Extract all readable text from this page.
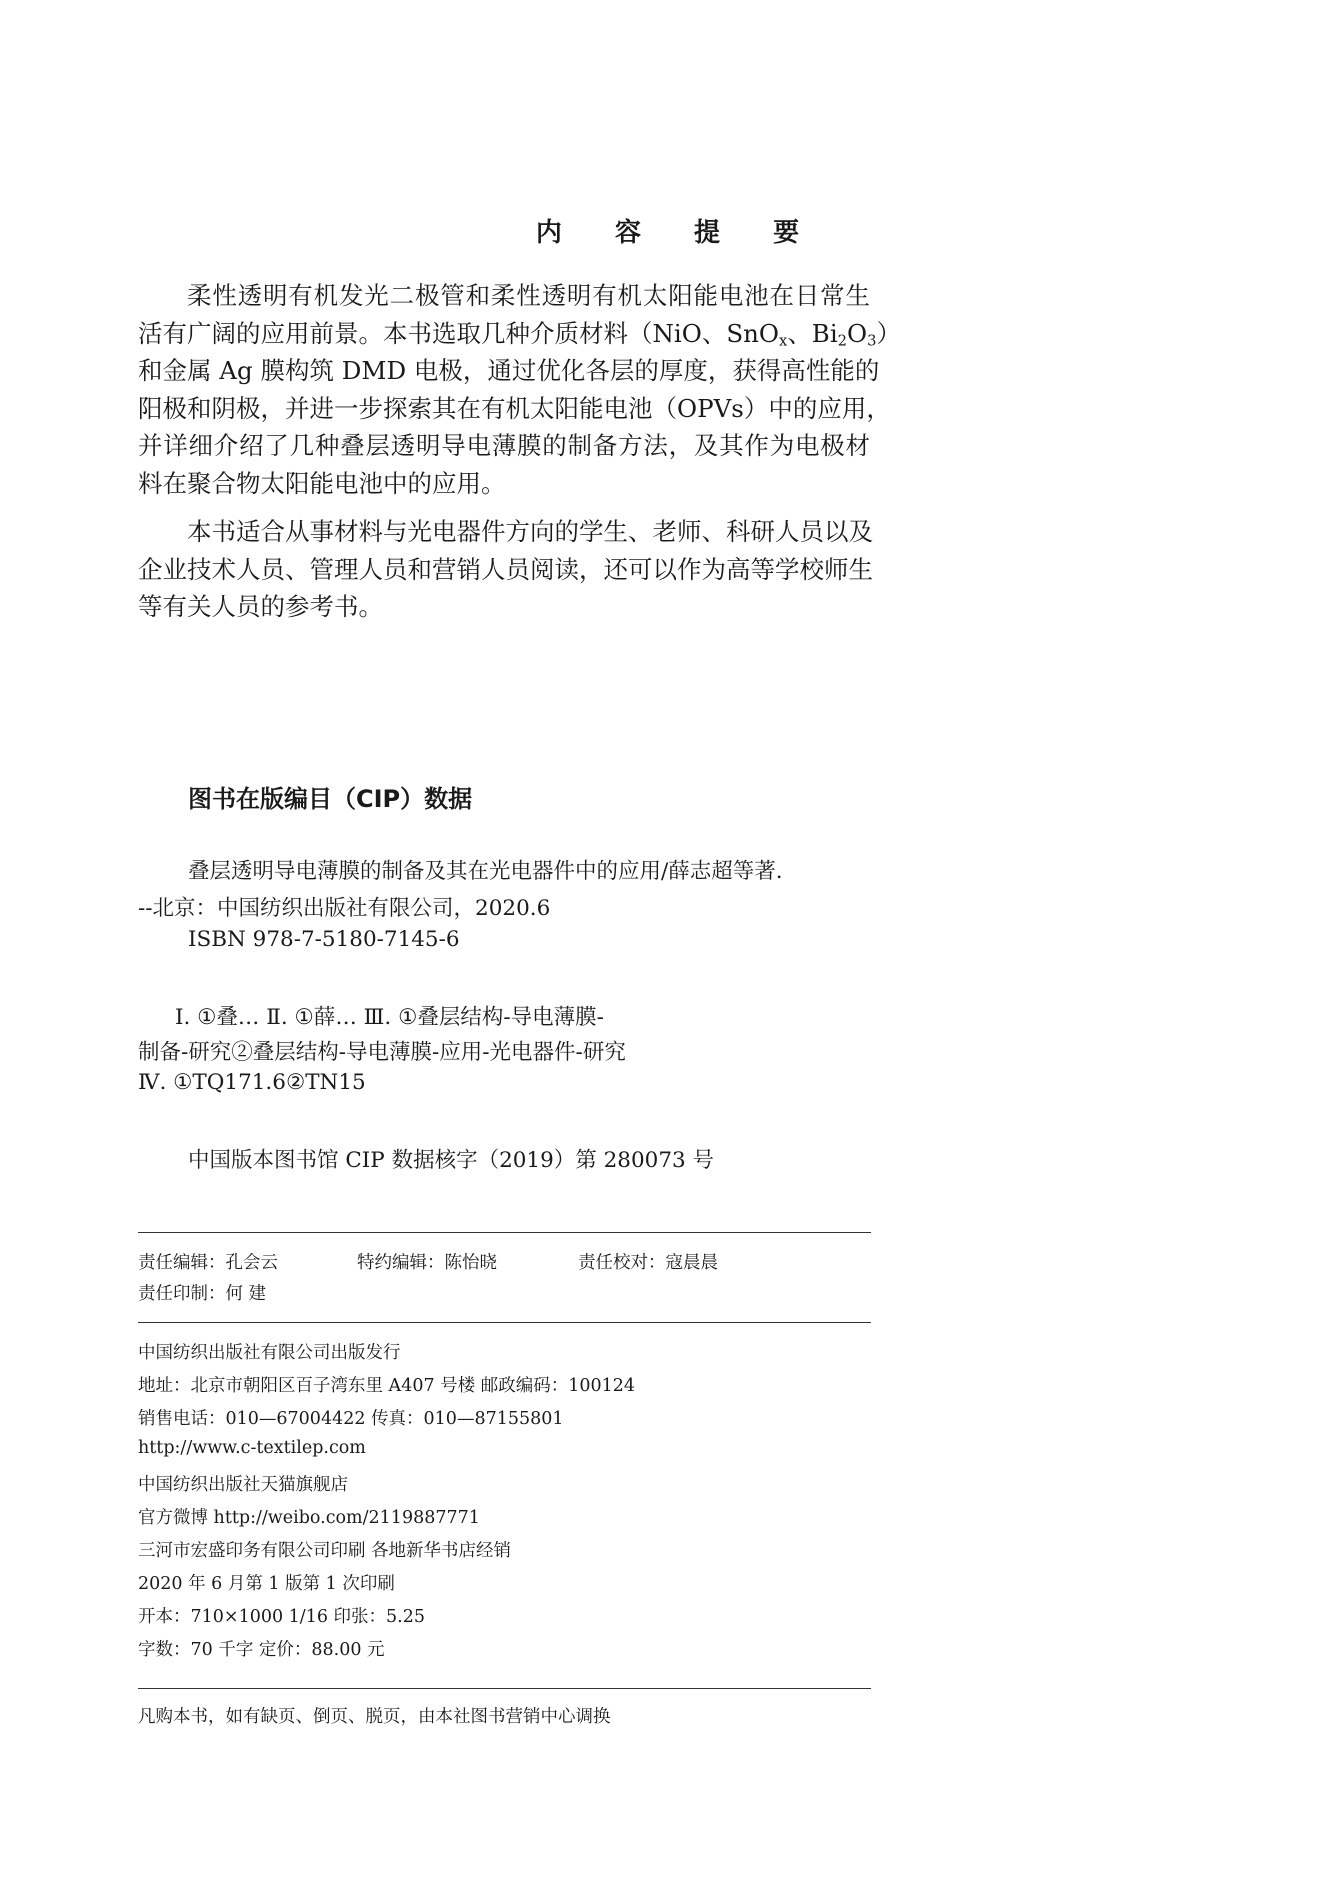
内 容 提 要
柔性透明有机发光二极管和柔性透明有机太阳能电池在日常生
活有广阔的应用前景。本书选取几种介质材料（NiO、SnO$_x$、$Bi_2O_3$）
和金属 Ag 膜构筑 DMD 电极，通过优化各层的厚度，获得高性能的
阳极和阴极，并进一步探索其在有机太阳能电池（OPVs）中的应用，
并详细介绍了几种叠层透明导电薄膜的制备方法，及其作为电极材
料在聚合物太阳能电池中的应用。
本书适合从事材料与光电器件方向的学生、老师、科研人员以及
企业技术人员、管理人员和营销人员阅读，还可以作为高等学校师生
等有关人员的参考书。
图书在版编目（CIP）数据
叠层透明导电薄膜的制备及其在光电器件中的应用/薛志超等著.
--北京：中国纺织出版社有限公司，2020.6
ISBN 978-7-5180-7145-6
Ⅰ. ①叠… Ⅱ. ①薛… Ⅲ. ①叠层结构-导电薄膜-
制备-研究②叠层结构-导电薄膜-应用-光电器件-研究
Ⅳ. ①TQ171.6②TN15
中国版本图书馆 CIP 数据核字（2019）第 280073 号
责任编辑：孔会云	特约编辑：陈怡晓	责任校对：寇晨晨
责任印制：何 建
中国纺织出版社有限公司出版发行
地址：北京市朝阳区百子湾东里 A407 号楼 邮政编码：100124
销售电话：010—67004422 传真：010—87155801
http://www.c-textilep.com
中国纺织出版社天猫旗舰店
官方微博 http://weibo.com/2119887771
三河市宏盛印务有限公司印刷 各地新华书店经销
2020 年 6 月第 1 版第 1 次印刷
开本：710×1000 1/16 印张：5.25
字数：70 千字 定价：88.00 元
凡购本书，如有缺页、倒页、脱页，由本社图书营销中心调换
